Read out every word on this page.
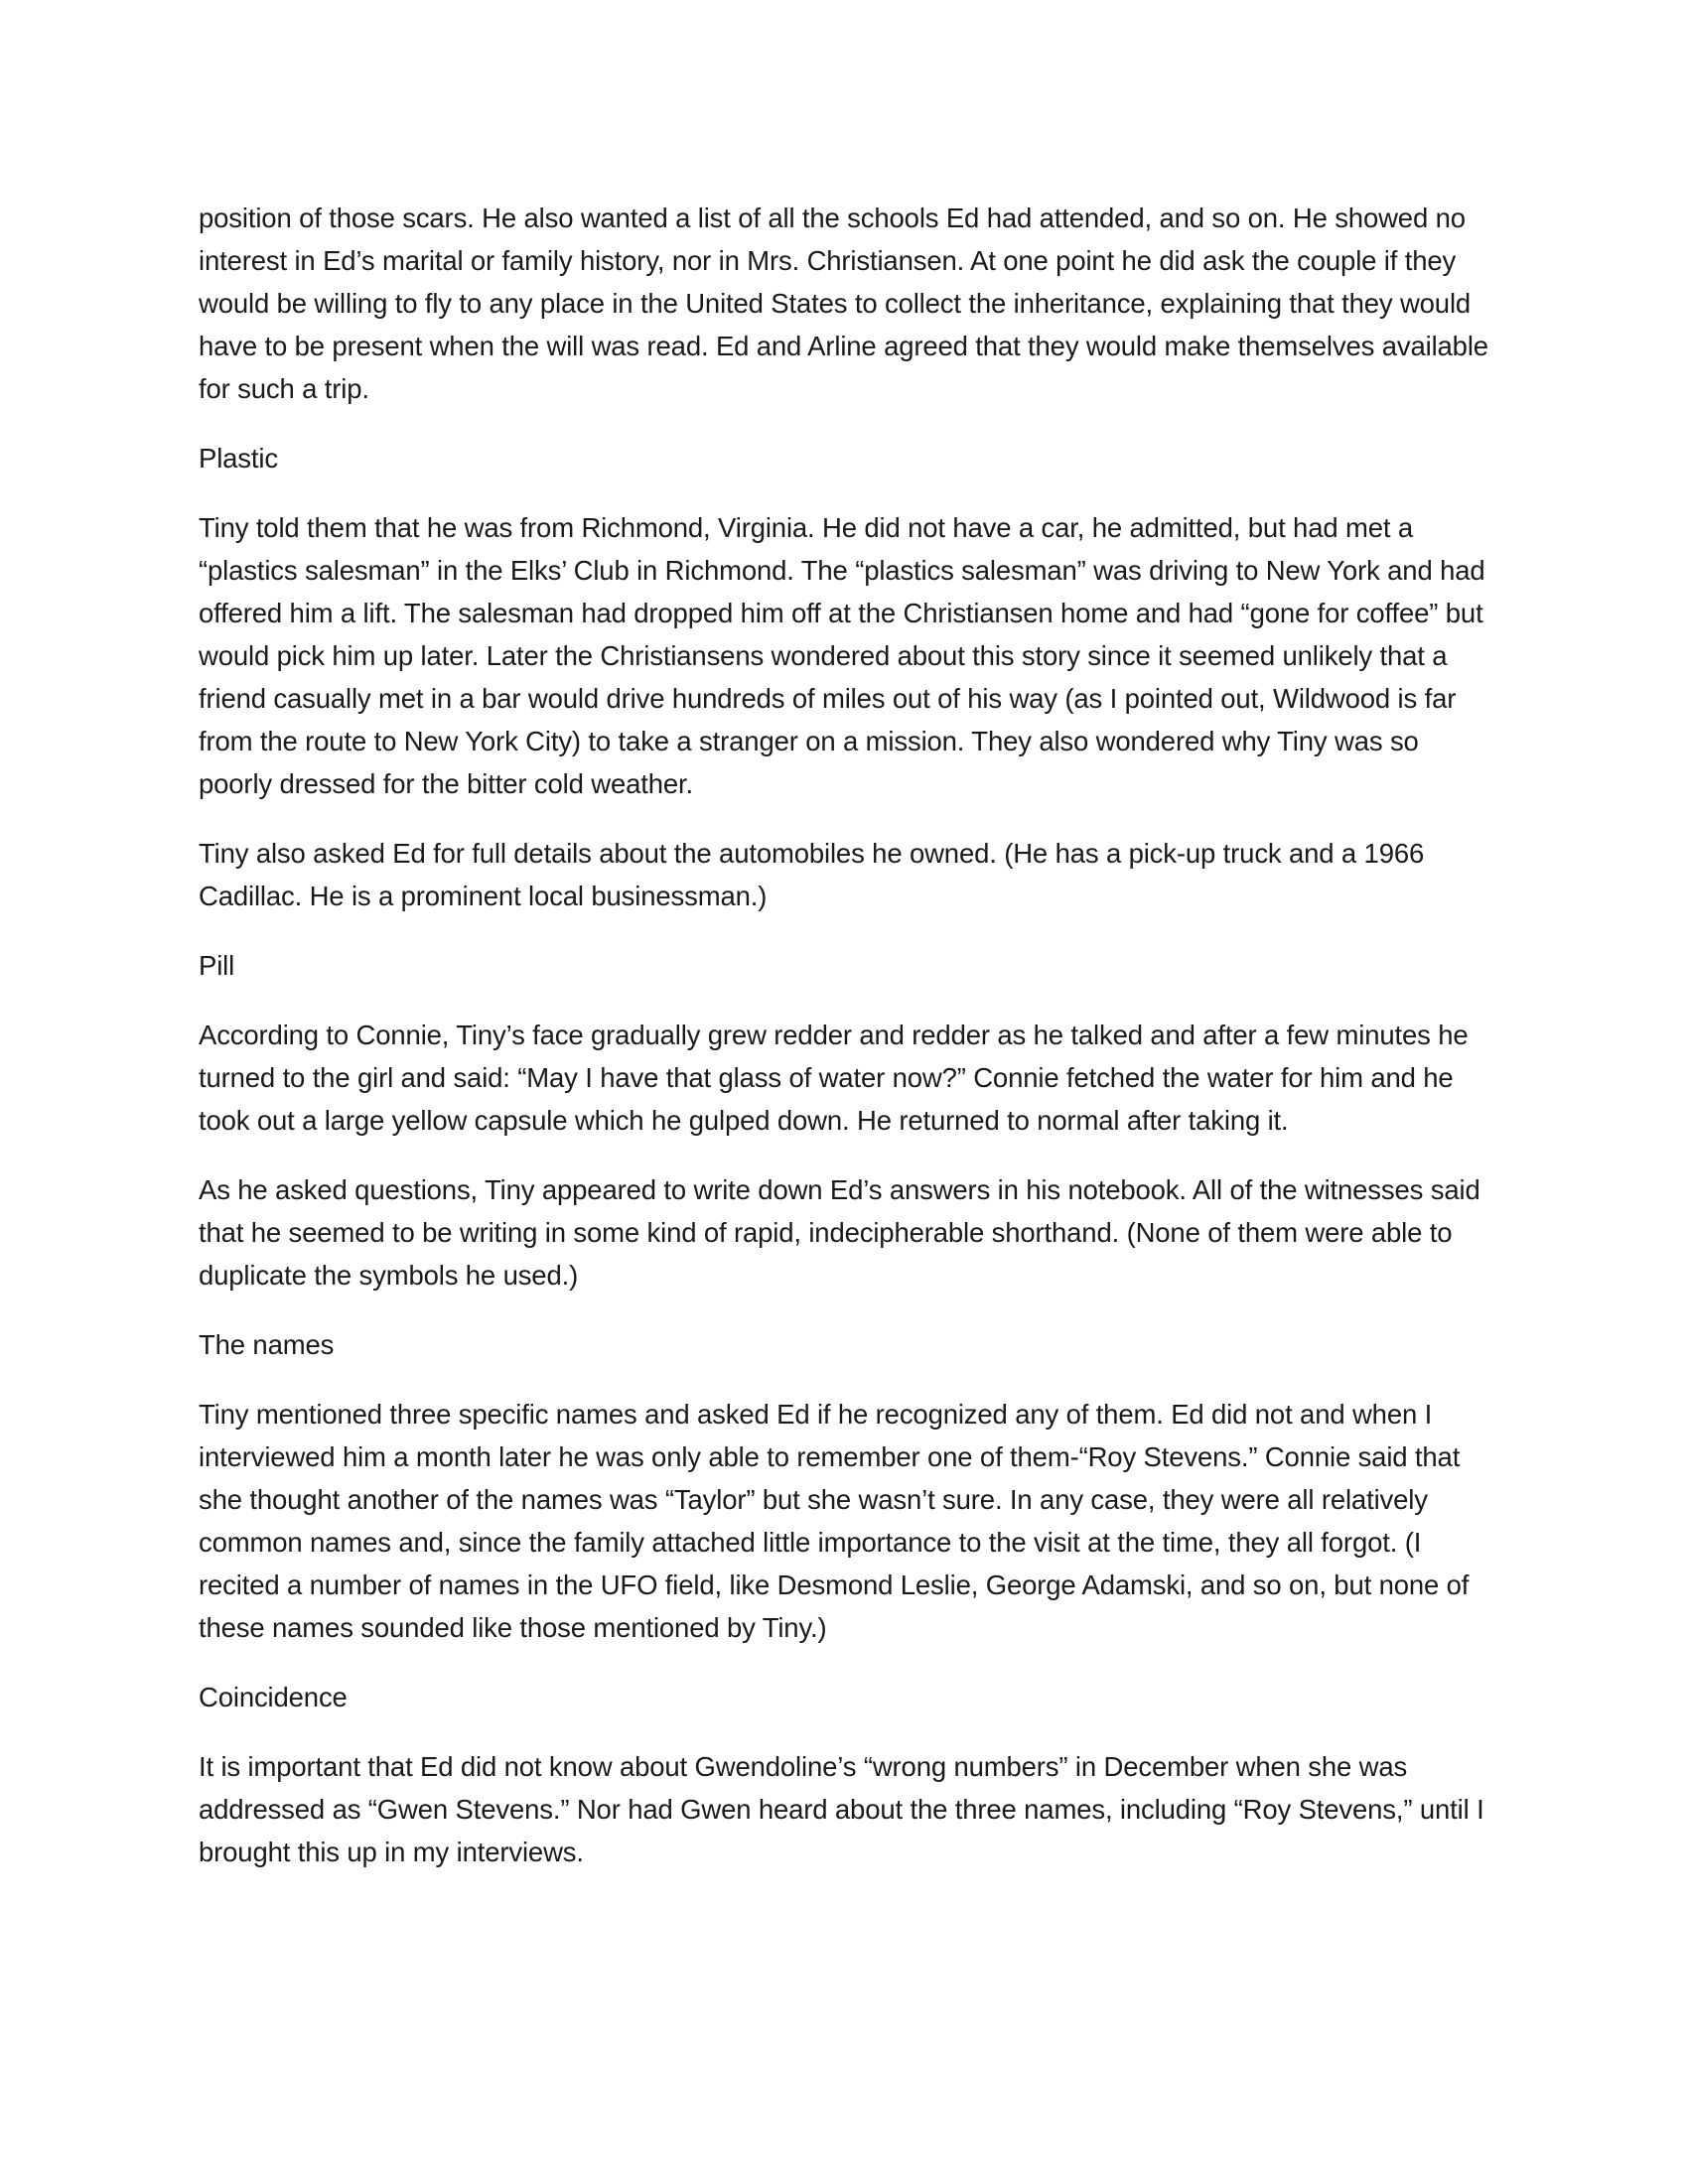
position of those scars. He also wanted a list of all the schools Ed had attended, and so on. He showed no interest in Ed’s marital or family history, nor in Mrs. Christiansen. At one point he did ask the couple if they would be willing to fly to any place in the United States to collect the inheritance, explaining that they would have to be present when the will was read. Ed and Arline agreed that they would make themselves available for such a trip.

Plastic

Tiny told them that he was from Richmond, Virginia. He did not have a car, he admitted, but had met a “plastics salesman” in the Elks’ Club in Richmond. The “plastics salesman” was driving to New York and had offered him a lift. The salesman had dropped him off at the Christiansen home and had “gone for coffee” but would pick him up later. Later the Christiansens wondered about this story since it seemed unlikely that a friend casually met in a bar would drive hundreds of miles out of his way (as I pointed out, Wildwood is far from the route to New York City) to take a stranger on a mission. They also wondered why Tiny was so poorly dressed for the bitter cold weather.

Tiny also asked Ed for full details about the automobiles he owned. (He has a pick-up truck and a 1966 Cadillac. He is a prominent local businessman.)

Pill

According to Connie, Tiny’s face gradually grew redder and redder as he talked and after a few minutes he turned to the girl and said: “May I have that glass of water now?” Connie fetched the water for him and he took out a large yellow capsule which he gulped down. He returned to normal after taking it.

As he asked questions, Tiny appeared to write down Ed’s answers in his notebook. All of the witnesses said that he seemed to be writing in some kind of rapid, indecipherable shorthand. (None of them were able to duplicate the symbols he used.)

The names

Tiny mentioned three specific names and asked Ed if he recognized any of them. Ed did not and when I interviewed him a month later he was only able to remember one of them-“Roy Stevens.” Connie said that she thought another of the names was “Taylor” but she wasn’t sure. In any case, they were all relatively common names and, since the family attached little importance to the visit at the time, they all forgot. (I recited a number of names in the UFO field, like Desmond Leslie, George Adamski, and so on, but none of these names sounded like those mentioned by Tiny.)

Coincidence

It is important that Ed did not know about Gwendoline’s “wrong numbers” in December when she was addressed as “Gwen Stevens.” Nor had Gwen heard about the three names, including “Roy Stevens,” until I brought this up in my interviews.
